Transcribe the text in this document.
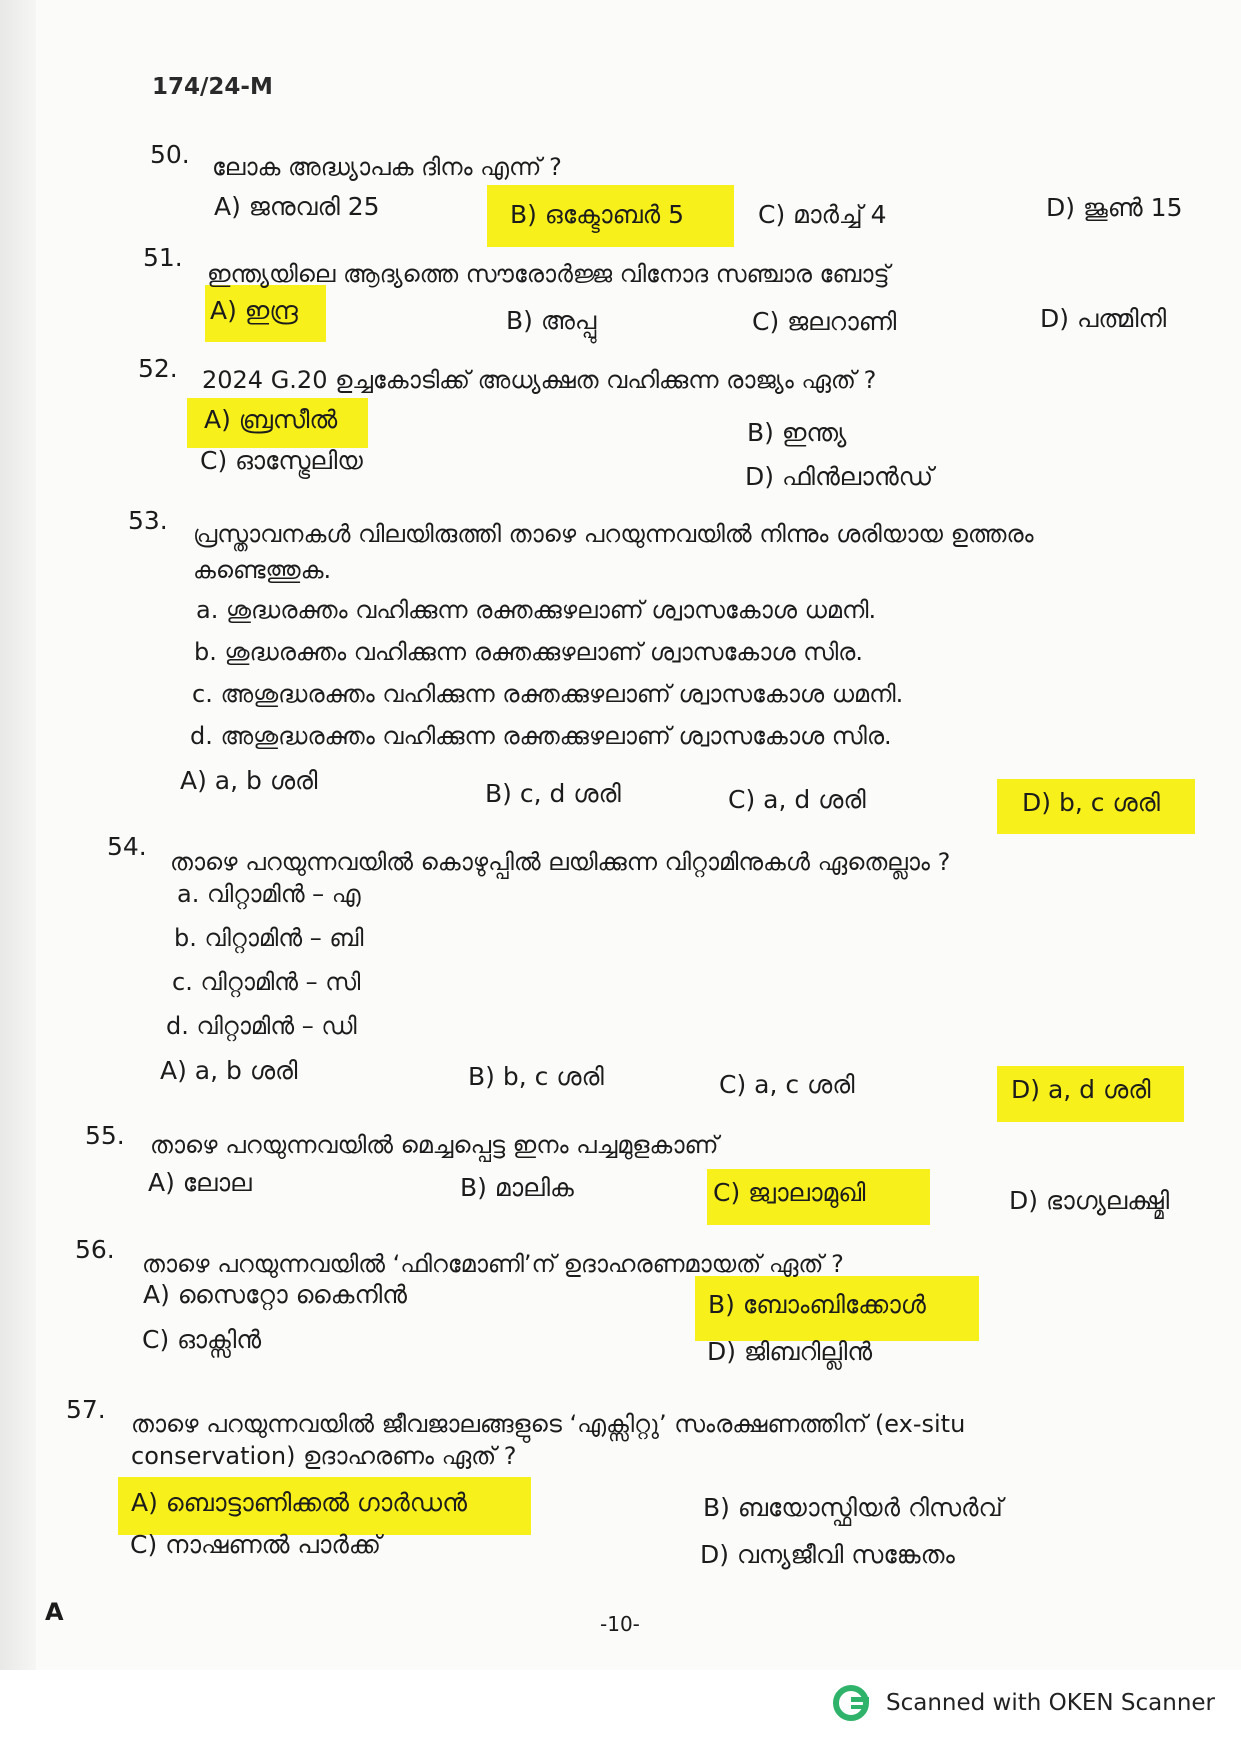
174/24-M
50. ലോക അദ്ധ്യാപക ദിനം എന്ന് ?
A) ജനുവരി 25	B) ഒക്ടോബർ 5	C) മാർച്ച് 4	D) ജൂൺ 15
51.
ഇന്ത്യയിലെ ആദ്യത്തെ സൗരോർജ്ജ വിനോദ സഞ്ചാര ബോട്ട്
A) ഇന്ദ്ര	B) അപ്പു	C) ജലറാണി	D) പത്മിനി
52. 2024 G.20 ഉച്ചകോടിക്ക് അധ്യക്ഷത വഹിക്കുന്ന രാജ്യം ഏത് ?
A) ബ്രസീൽ	B) ഇന്ത്യ
C) ഓസ്ട്രേലിയ
D) ഫിൻലാൻഡ്
53. പ്രസ്താവനകൾ വിലയിരുത്തി താഴെ പറയുന്നവയിൽ നിന്നും ശരിയായ ഉത്തരം
കണ്ടെത്തുക.
a. ശുദ്ധരക്തം വഹിക്കുന്ന രക്തക്കുഴലാണ് ശ്വാസകോശ ധമനി.
b. ശുദ്ധരക്തം വഹിക്കുന്ന രക്തക്കുഴലാണ് ശ്വാസകോശ സിര.
c. അശുദ്ധരക്തം വഹിക്കുന്ന രക്തക്കുഴലാണ് ശ്വാസകോശ ധമനി.
d. അശുദ്ധരക്തം വഹിക്കുന്ന രക്തക്കുഴലാണ് ശ്വാസകോശ സിര.
A) a, b ശരി	B) c, d ശരി	C) a, d ശരി	D) b, c ശരി
54.
താഴെ പറയുന്നവയിൽ കൊഴുപ്പിൽ ലയിക്കുന്ന വിറ്റാമിനുകൾ ഏതെല്ലാം ?
a. വിറ്റാമിൻ – എ
b. വിറ്റാമിൻ – ബി
c. വിറ്റാമിൻ – സി
d. വിറ്റാമിൻ – ഡി
A) a, b ശരി	B) b, c ശരി	C) a, c ശരി	D) a, d ശരി
55. താഴെ പറയുന്നവയിൽ മെച്ചപ്പെട്ട ഇനം പച്ചമുളകാണ്
A) ലോല	B) മാലിക	C) ജ്വാലാമുഖി	D) ഭാഗ്യലക്ഷ്മി
56. താഴെ പറയുന്നവയിൽ ‘ഫിറമോണി’ന് ഉദാഹരണമായത് ഏത് ?
A) സൈറ്റോ കൈനിൻ	B) ബോംബിക്കോൾ
C) ഓക്സിൻ	D) ജിബറില്ലിൻ
57. താഴെ പറയുന്നവയിൽ ജീവജാലങ്ങളുടെ ‘എക്സിറ്റു’ സംരക്ഷണത്തിന് (ex-situ
conservation) ഉദാഹരണം ഏത് ?
A) ബൊട്ടാണിക്കൽ ഗാർഡൻ	B) ബയോസ്ഫിയർ റിസർവ്
C) നാഷണൽ പാർക്ക്	D) വന്യജീവി സങ്കേതം
A	-10-
Scanned with OKEN Scanner
